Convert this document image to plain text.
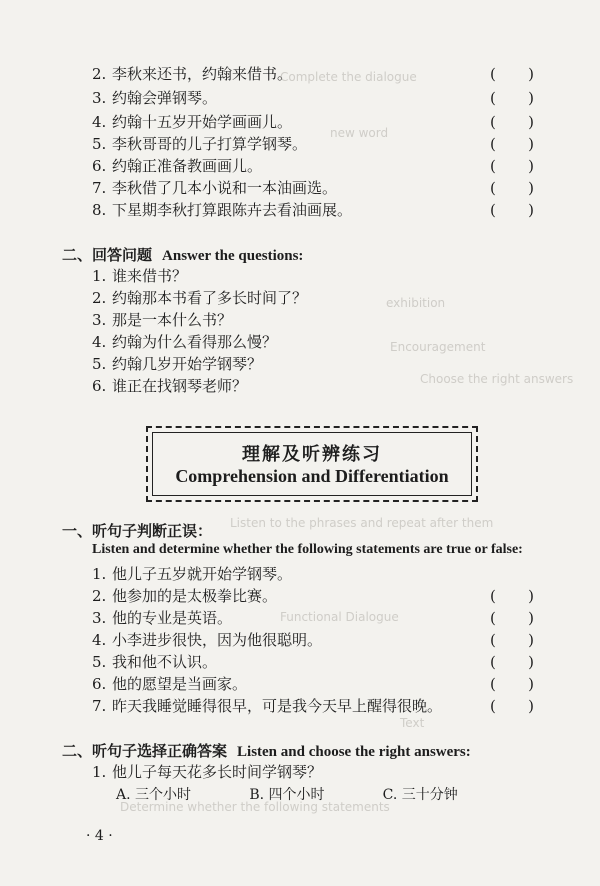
Complete the dialogue
new word
exhibition
Encouragement
Choose the right answers
Listen to the phrases and repeat after them
Functional Dialogue
Text
Determine whether the following statements
2. 李秋来还书，约翰来借书。	( )
3. 约翰会弹钢琴。	( )
4. 约翰十五岁开始学画画儿。	( )
5. 李秋哥哥的儿子打算学钢琴。	( )
6. 约翰正准备教画画儿。	( )
7. 李秋借了几本小说和一本油画选。	( )
8. 下星期李秋打算跟陈卉去看油画展。	( )
二、回答问题 Answer the questions:
1. 谁来借书？
2. 约翰那本书看了多长时间了？
3. 那是一本什么书？
4. 约翰为什么看得那么慢？
5. 约翰几岁开始学钢琴？
6. 谁正在找钢琴老师？
理解及听辨练习
Comprehension and Differentiation
一、听句子判断正误：
Listen and determine whether the following statements are true or false:
1. 他儿子五岁就开始学钢琴。
2. 他参加的是太极拳比赛。	( )
3. 他的专业是英语。	( )
4. 小李进步很快，因为他很聪明。	( )
5. 我和他不认识。	( )
6. 他的愿望是当画家。	( )
7. 昨天我睡觉睡得很早，可是我今天早上醒得很晚。	( )
二、听句子选择正确答案 Listen and choose the right answers:
1. 他儿子每天花多长时间学钢琴？
A. 三个小时	B. 四个小时	C. 三十分钟
· 4 ·
